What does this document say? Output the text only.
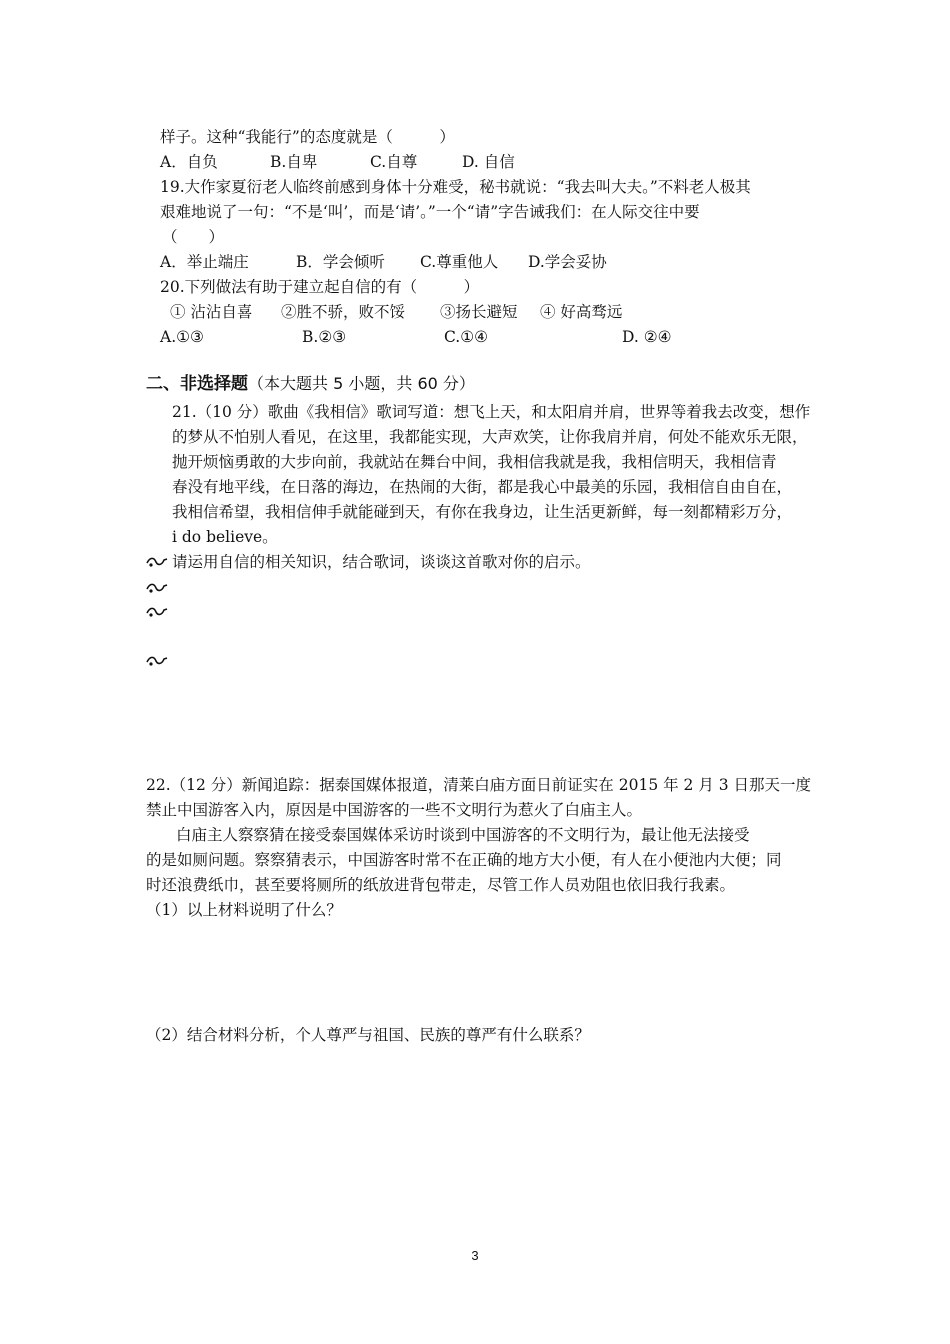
样子。这种“我能行”的态度就是（　　　）
A．自负	B.自卑	C.自尊	D. 自信
19.大作家夏衍老人临终前感到身体十分难受，秘书就说：“我去叫大夫。”不料老人极其
艰难地说了一句：“不是‘叫’，而是‘请’。”一个“请”字告诫我们：在人际交往中要
（　　）
A．举止端庄	B．学会倾听 C.尊重他人 D.学会妥协
20.下列做法有助于建立起自信的有（　　　）
① 沾沾自喜 ②胜不骄，败不馁 ③扬长避短 ④ 好高骛远
A.①③	B.②③	C.①④	D. ②④
二、非选择题（本大题共 5 小题，共 60 分）
21.（10 分）歌曲《我相信》歌词写道：想飞上天，和太阳肩并肩，世界等着我去改变，想作
的梦从不怕别人看见，在这里，我都能实现，大声欢笑，让你我肩并肩，何处不能欢乐无限，
抛开烦恼勇敢的大步向前，我就站在舞台中间，我相信我就是我，我相信明天，我相信青
春没有地平线，在日落的海边，在热闹的大街，都是我心中最美的乐园，我相信自由自在，
我相信希望，我相信伸手就能碰到天，有你在我身边，让生活更新鲜，每一刻都精彩万分，
i do believe。
请运用自信的相关知识，结合歌词，谈谈这首歌对你的启示。
22.（12 分）新闻追踪：据泰国媒体报道，清莱白庙方面日前证实在 2015 年 2 月 3 日那天一度
禁止中国游客入内，原因是中国游客的一些不文明行为惹火了白庙主人。
白庙主人察察猜在接受泰国媒体采访时谈到中国游客的不文明行为，最让他无法接受
的是如厕问题。察察猜表示，中国游客时常不在正确的地方大小便，有人在小便池内大便；同
时还浪费纸巾，甚至要将厕所的纸放进背包带走，尽管工作人员劝阻也依旧我行我素。
（1）以上材料说明了什么？
（2）结合材料分析，个人尊严与祖国、民族的尊严有什么联系？
3
